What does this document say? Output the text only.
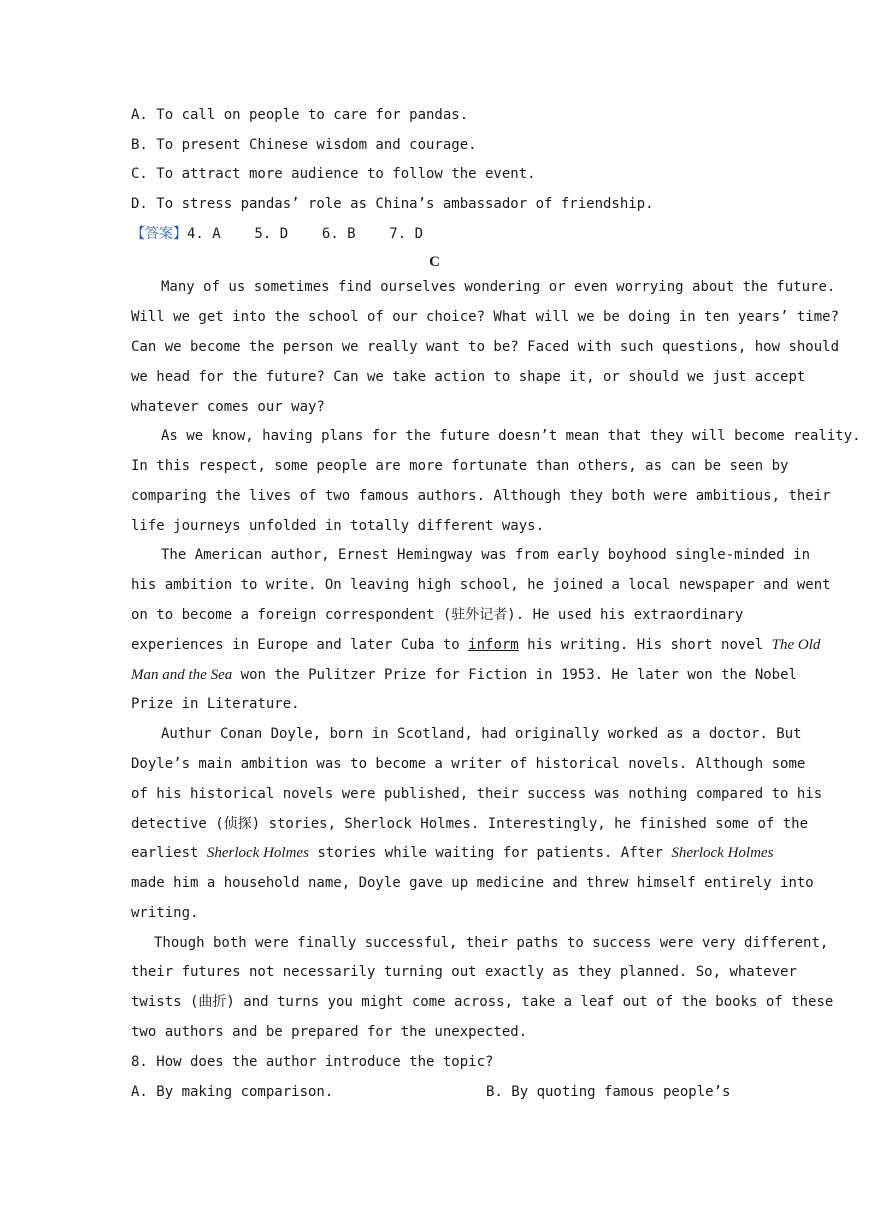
A. To call on people to care for pandas.
B. To present Chinese wisdom and courage.
C. To attract more audience to follow the event.
D. To stress pandas’ role as China’s ambassador of friendship.
【答案】4. A    5. D    6. B    7. D
C
Many of us sometimes find ourselves wondering or even worrying about the future.
Will we get into the school of our choice? What will we be doing in ten years’ time?
Can we become the person we really want to be? Faced with such questions, how should
we head for the future? Can we take action to shape it, or should we just accept
whatever comes our way?
As we know, having plans for the future doesn’t mean that they will become reality.
In this respect, some people are more fortunate than others, as can be seen by
comparing the lives of two famous authors. Although they both were ambitious, their
life journeys unfolded in totally different ways.
The American author, Ernest Hemingway was from early boyhood single-minded in
his ambition to write. On leaving high school, he joined a local newspaper and went
on to become a foreign correspondent (驻外记者). He used his extraordinary
experiences in Europe and later Cuba to inform his writing. His short novel The Old
Man and the Sea won the Pulitzer Prize for Fiction in 1953. He later won the Nobel
Prize in Literature.
Authur Conan Doyle, born in Scotland, had originally worked as a doctor. But
Doyle’s main ambition was to become a writer of historical novels. Although some
of his historical novels were published, their success was nothing compared to his
detective (侦探) stories, Sherlock Holmes. Interestingly, he finished some of the
earliest Sherlock Holmes stories while waiting for patients. After Sherlock Holmes
made him a household name, Doyle gave up medicine and threw himself entirely into
writing.
Though both were finally successful, their paths to success were very different,
their futures not necessarily turning out exactly as they planned. So, whatever
twists (曲折) and turns you might come across, take a leaf out of the books of these
two authors and be prepared for the unexpected.
8. How does the author introduce the topic?
A. By making comparison.	B. By quoting famous people’s
